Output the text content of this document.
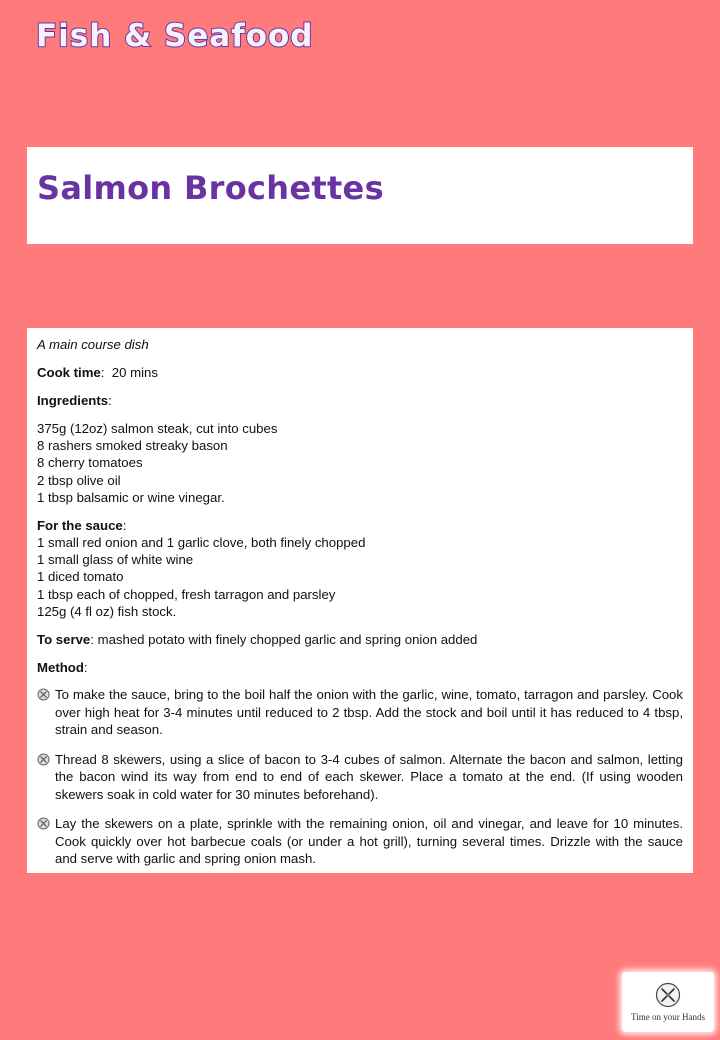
Fish & Seafood
Salmon Brochettes

A main course dish

Cook time:  20 mins

Ingredients:

375g (12oz) salmon steak, cut into cubes
8 rashers smoked streaky bason
8 cherry tomatoes
2 tbsp olive oil
1 tbsp balsamic or wine vinegar.

For the sauce:

1 small red onion and 1 garlic clove, both finely chopped
1 small glass of white wine
1 diced tomato
1 tbsp each of chopped, fresh tarragon and parsley
125g (4 fl oz) fish stock.

To serve: mashed potato with finely chopped garlic and spring onion added

Method:

To make the sauce, bring to the boil half the onion with the garlic, wine, tomato, tarragon and parsley. Cook over high heat for 3-4 minutes until reduced to 2 tbsp. Add the stock and boil until it has reduced to 4 tbsp, strain and season.
Thread 8 skewers, using a slice of bacon to 3-4 cubes of salmon. Alternate the bacon and salmon, letting the bacon wind its way from end to end of each skewer. Place a tomato at the end. (If using wooden skewers soak in cold water for 30 minutes beforehand).
Lay the skewers on a plate, sprinkle with the remaining onion, oil and vinegar, and leave for 10 minutes. Cook quickly over hot barbecue coals (or under a hot grill), turning several times. Drizzle with the sauce and serve with garlic and spring onion mash.
Time on your Hands
